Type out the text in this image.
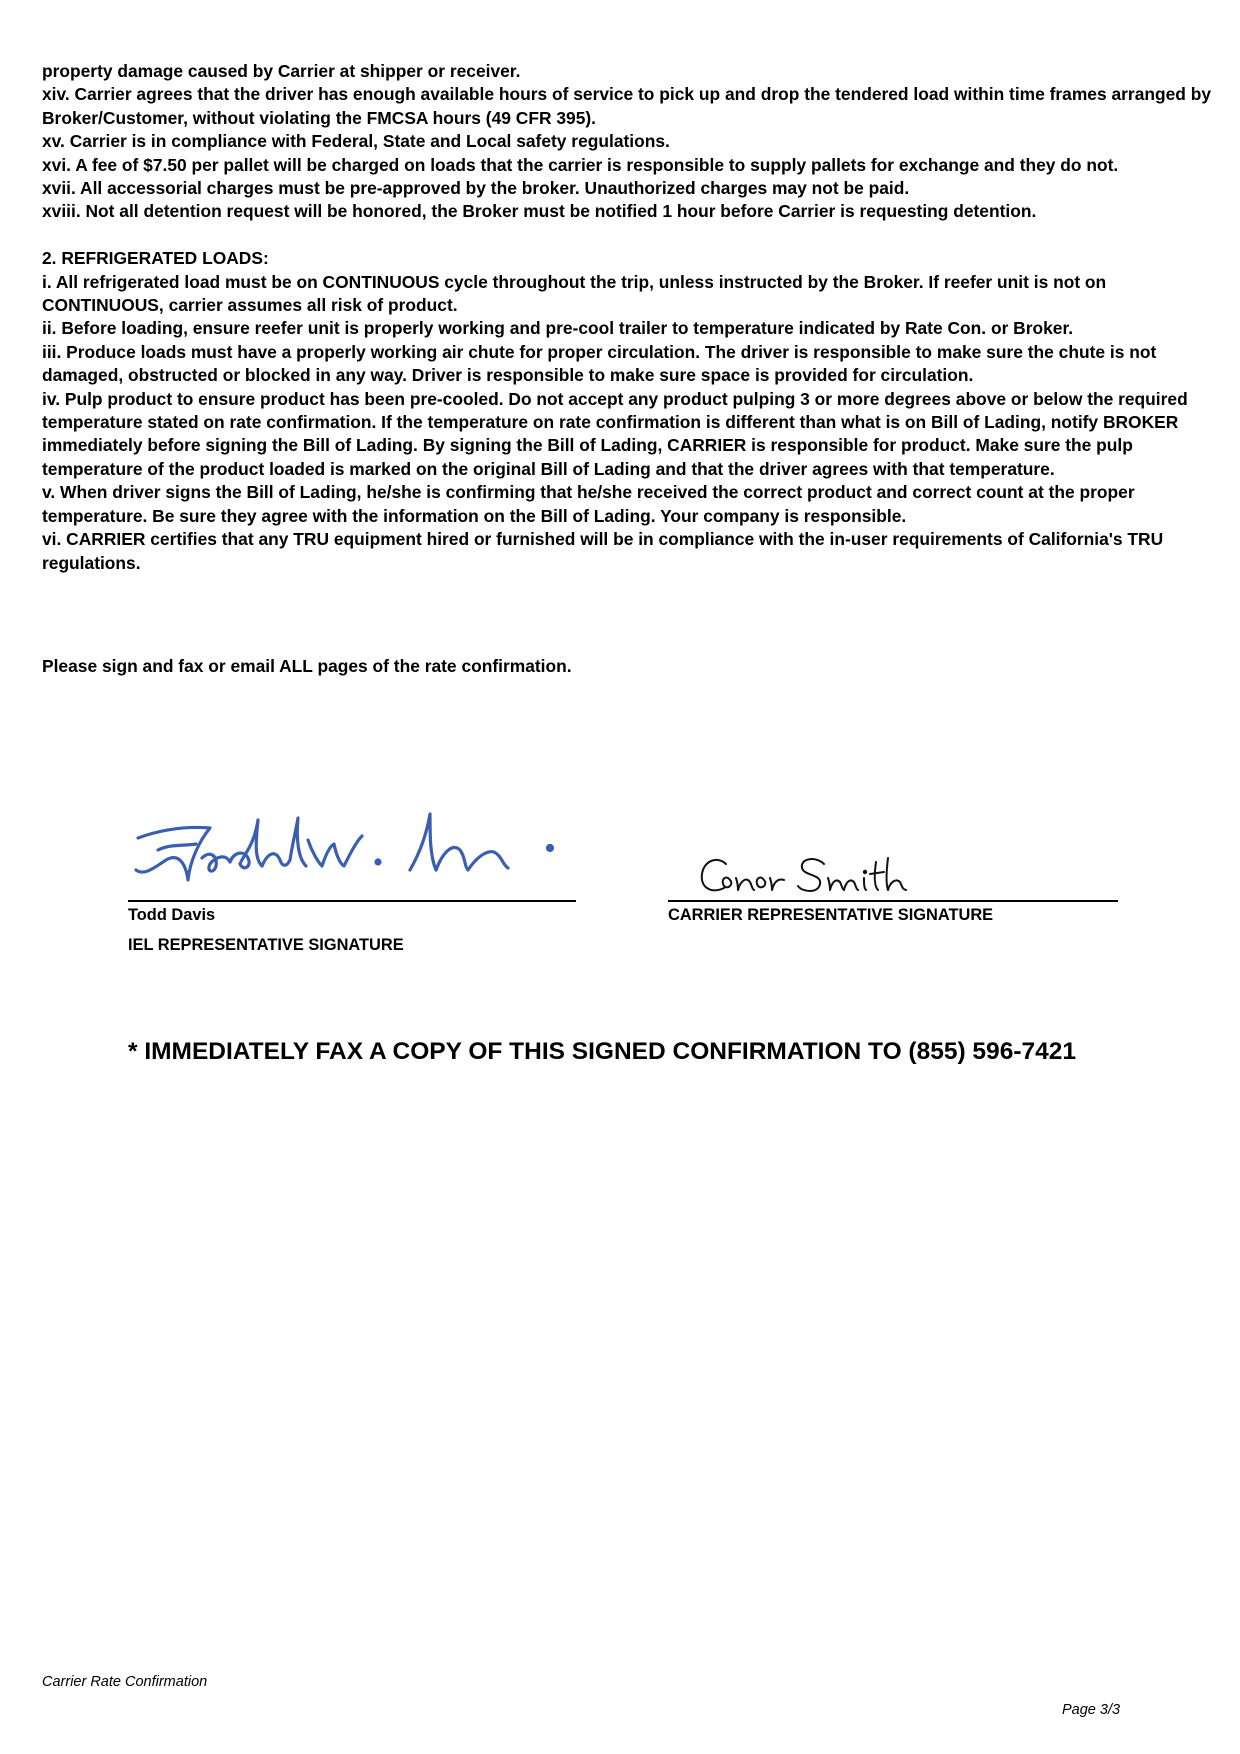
property damage caused by Carrier at shipper or receiver.

xiv. Carrier agrees that the driver has enough available hours of service to pick up and drop the tendered load within time frames arranged by Broker/Customer, without violating the FMCSA hours (49 CFR 395).

xv. Carrier is in compliance with Federal, State and Local safety regulations.

xvi. A fee of $7.50 per pallet will be charged on loads that the carrier is responsible to supply pallets for exchange and they do not.

xvii. All accessorial charges must be pre-approved by the broker. Unauthorized charges may not be paid.

xviii. Not all detention request will be honored, the Broker must be notified 1 hour before Carrier is requesting detention.

2. REFRIGERATED LOADS:

i. All refrigerated load must be on CONTINUOUS cycle throughout the trip, unless instructed by the Broker. If reefer unit is not on CONTINUOUS, carrier assumes all risk of product.

ii. Before loading, ensure reefer unit is properly working and pre-cool trailer to temperature indicated by Rate Con. or Broker.

iii. Produce loads must have a properly working air chute for proper circulation. The driver is responsible to make sure the chute is not damaged, obstructed or blocked in any way. Driver is responsible to make sure space is provided for circulation.

iv. Pulp product to ensure product has been pre-cooled. Do not accept any product pulping 3 or more degrees above or below the required temperature stated on rate confirmation. If the temperature on rate confirmation is different than what is on Bill of Lading, notify BROKER immediately before signing the Bill of Lading. By signing the Bill of Lading, CARRIER is responsible for product. Make sure the pulp temperature of the product loaded is marked on the original Bill of Lading and that the driver agrees with that temperature.

v. When driver signs the Bill of Lading, he/she is confirming that he/she received the correct product and correct count at the proper temperature. Be sure they agree with the information on the Bill of Lading. Your company is responsible.

vi. CARRIER certifies that any TRU equipment hired or furnished will be in compliance with the in-user requirements of California's TRU regulations.

Please sign and fax or email ALL pages of the rate confirmation.
Todd Davis
IEL REPRESENTATIVE SIGNATURE
CARRIER REPRESENTATIVE SIGNATURE
* IMMEDIATELY FAX A COPY OF THIS SIGNED CONFIRMATION TO (855) 596-7421
Carrier Rate Confirmation
Page 3/3
